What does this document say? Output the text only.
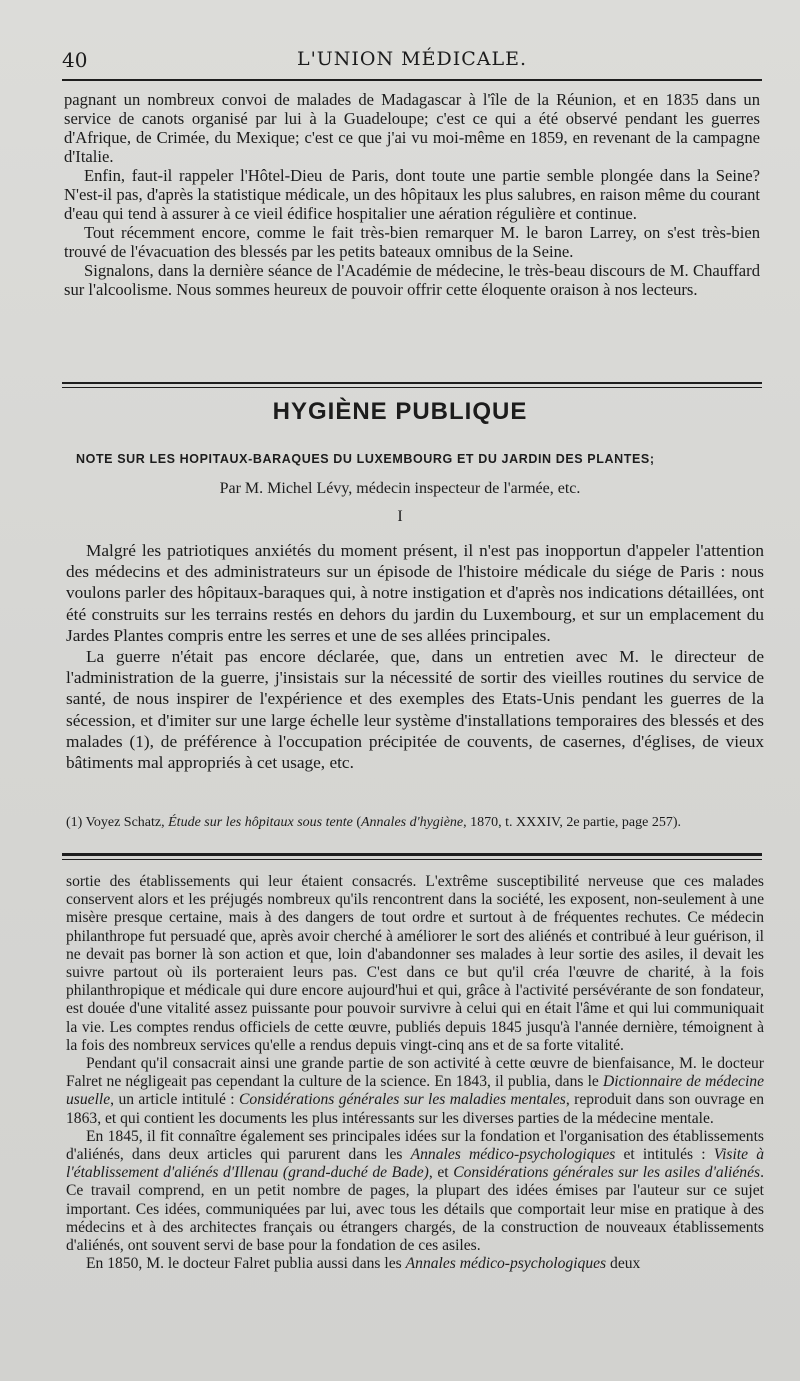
40	L'UNION MÉDICALE.

pagnant un nombreux convoi de malades de Madagascar à l'île de la Réunion, et en 1835 dans un service de canots organisé par lui à la Guadeloupe; c'est ce qui a été observé pendant les guerres d'Afrique, de Crimée, du Mexique; c'est ce que j'ai vu moi-même en 1859, en revenant de la campagne d'Italie.

Enfin, faut-il rappeler l'Hôtel-Dieu de Paris, dont toute une partie semble plongée dans la Seine? N'est-il pas, d'après la statistique médicale, un des hôpitaux les plus salubres, en raison même du courant d'eau qui tend à assurer à ce vieil édifice hospitalier une aération régulière et continue.

Tout récemment encore, comme le fait très-bien remarquer M. le baron Larrey, on s'est très-bien trouvé de l'évacuation des blessés par les petits bateaux omnibus de la Seine.

Signalons, dans la dernière séance de l'Académie de médecine, le très-beau discours de M. Chauffard sur l'alcoolisme. Nous sommes heureux de pouvoir offrir cette éloquente oraison à nos lecteurs.

HYGIÈNE PUBLIQUE
NOTE SUR LES HOPITAUX-BARAQUES DU LUXEMBOURG ET DU JARDIN DES PLANTES;
Par M. Michel Lévy, médecin inspecteur de l'armée, etc.
I

Malgré les patriotiques anxiétés du moment présent, il n'est pas inopportun d'appeler l'attention des médecins et des administrateurs sur un épisode de l'histoire médicale du siége de Paris : nous voulons parler des hôpitaux-baraques qui, à notre instigation et d'après nos indications détaillées, ont été construits sur les terrains restés en dehors du jardin du Luxembourg, et sur un emplacement du Jardes Plantes compris entre les serres et une de ses allées principales.

La guerre n'était pas encore déclarée, que, dans un entretien avec M. le directeur de l'administration de la guerre, j'insistais sur la nécessité de sortir des vieilles routines du service de santé, de nous inspirer de l'expérience et des exemples des Etats-Unis pendant les guerres de la sécession, et d'imiter sur une large échelle leur système d'installations temporaires des blessés et des malades (1), de préférence à l'occupation précipitée de couvents, de casernes, d'églises, de vieux bâtiments mal appropriés à cet usage, etc.

(1) Voyez Schatz, Étude sur les hôpitaux sous tente (Annales d'hygiène, 1870, t. XXXIV, 2e partie, page 257).

sortie des établissements qui leur étaient consacrés. L'extrême susceptibilité nerveuse que ces malades conservent alors et les préjugés nombreux qu'ils rencontrent dans la société, les exposent, non-seulement à une misère presque certaine, mais à des dangers de tout ordre et surtout à de fréquentes rechutes. Ce médecin philanthrope fut persuadé que, après avoir cherché à améliorer le sort des aliénés et contribué à leur guérison, il ne devait pas borner là son action et que, loin d'abandonner ses malades à leur sortie des asiles, il devait les suivre partout où ils porteraient leurs pas. C'est dans ce but qu'il créa l'œuvre de charité, à la fois philanthropique et médicale qui dure encore aujourd'hui et qui, grâce à l'activité persévérante de son fondateur, est douée d'une vitalité assez puissante pour pouvoir survivre à celui qui en était l'âme et qui lui communiquait la vie. Les comptes rendus officiels de cette œuvre, publiés depuis 1845 jusqu'à l'année dernière, témoignent à la fois des nombreux services qu'elle a rendus depuis vingt-cinq ans et de sa forte vitalité.

Pendant qu'il consacrait ainsi une grande partie de son activité à cette œuvre de bienfaisance, M. le docteur Falret ne négligeait pas cependant la culture de la science. En 1843, il publia, dans le Dictionnaire de médecine usuelle, un article intitulé : Considérations générales sur les maladies mentales, reproduit dans son ouvrage en 1863, et qui contient les documents les plus intéressants sur les diverses parties de la médecine mentale.

En 1845, il fit connaître également ses principales idées sur la fondation et l'organisation des établissements d'aliénés, dans deux articles qui parurent dans les Annales médico-psychologiques et intitulés : Visite à l'établissement d'aliénés d'Illenau (grand-duché de Bade), et Considérations générales sur les asiles d'aliénés. Ce travail comprend, en un petit nombre de pages, la plupart des idées émises par l'auteur sur ce sujet important. Ces idées, communiquées par lui, avec tous les détails que comportait leur mise en pratique à des médecins et à des architectes français ou étrangers chargés, de la construction de nouveaux établissements d'aliénés, ont souvent servi de base pour la fondation de ces asiles.

En 1850, M. le docteur Falret publia aussi dans les Annales médico-psychologiques deux
